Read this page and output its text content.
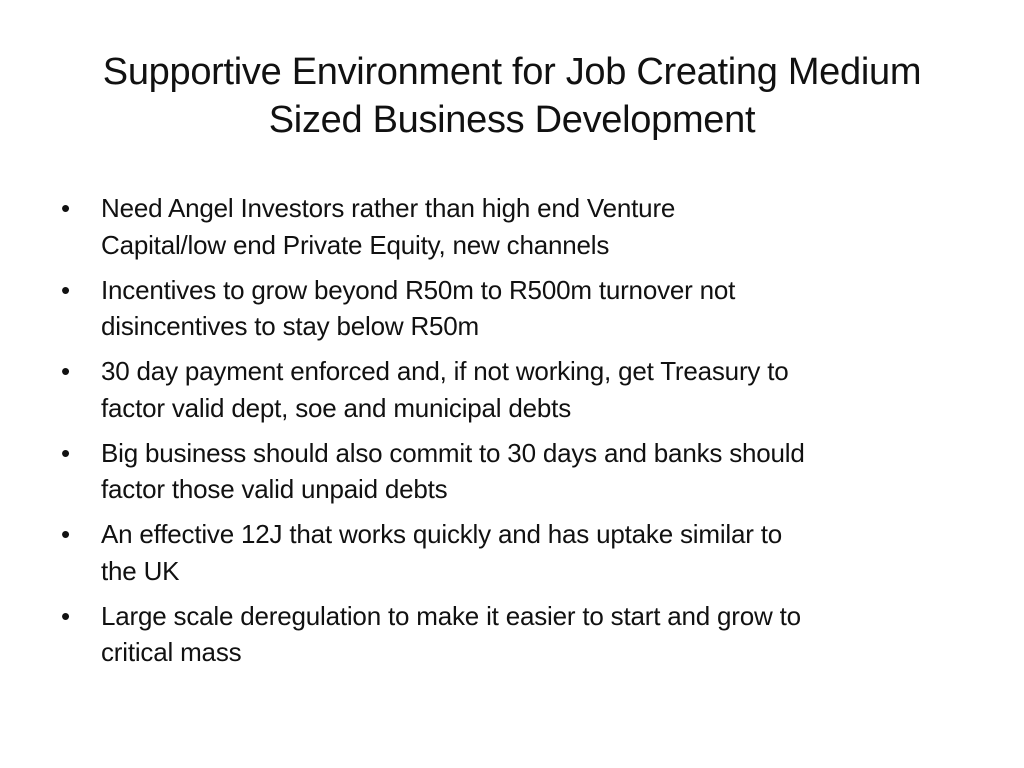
Supportive Environment for Job Creating Medium
Sized Business Development
• Need Angel Investors rather than high end Venture
Capital/low end Private Equity, new channels
• Incentives to grow beyond R50m to R500m turnover not
disincentives to stay below R50m
• 30 day payment enforced and, if not working, get Treasury to
factor valid dept, soe and municipal debts
• Big business should also commit to 30 days and banks should
factor those valid unpaid debts
• An effective 12J that works quickly and has uptake similar to
the UK
• Large scale deregulation to make it easier to start and grow to
critical mass
